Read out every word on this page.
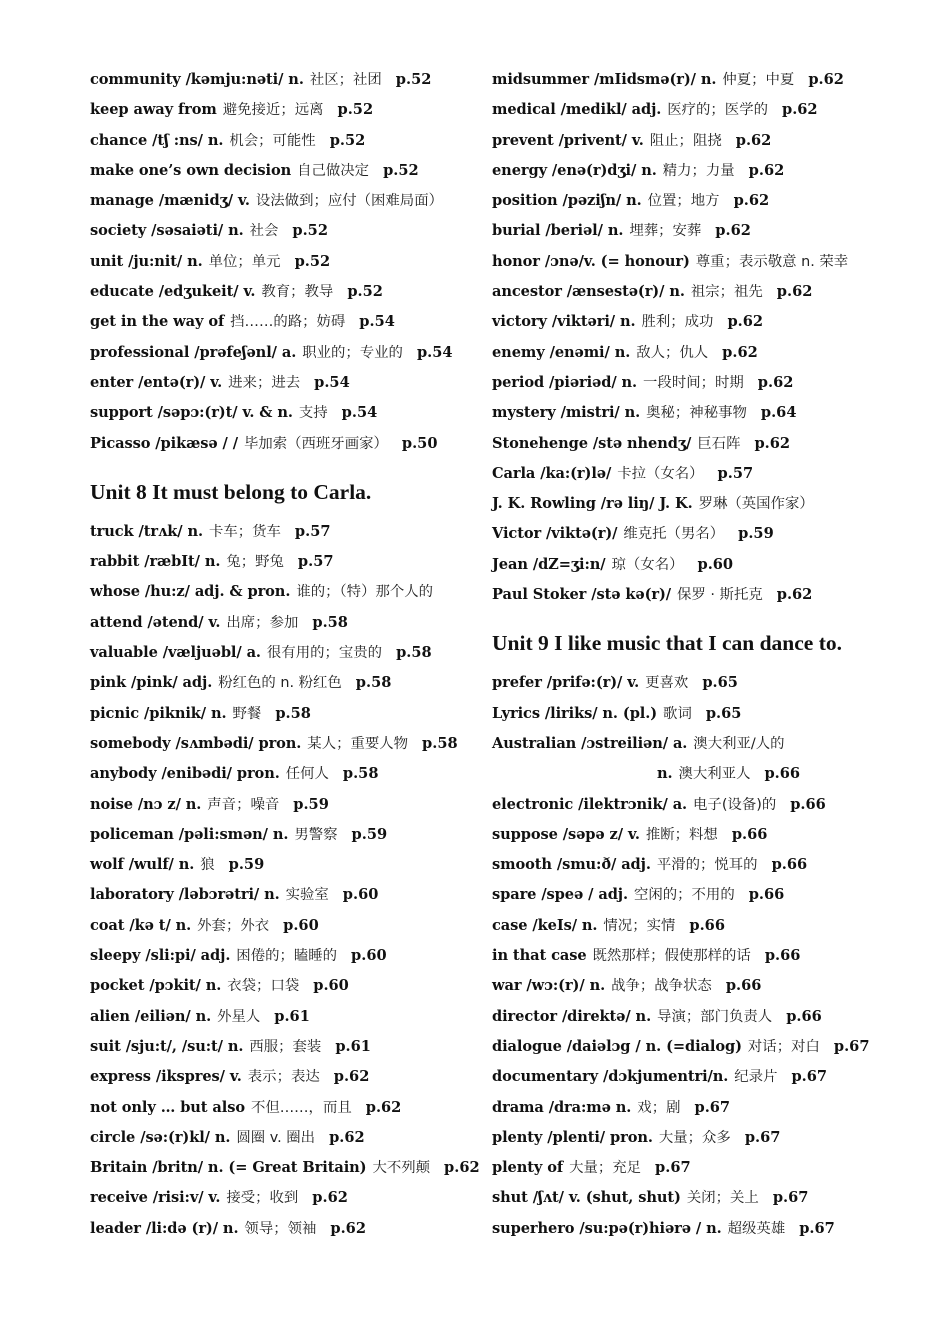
community /kəmju:nəti/ n. 社区；社团 p.52
keep away from 避免接近；远离 p.52
chance /tʃ :ns/ n. 机会；可能性 p.52
make one’s own decision 自己做决定 p.52
manage /mænidʒ/ v. 设法做到；应付（困难局面）
society /səsaiəti/ n. 社会 p.52
unit /ju:nit/ n. 单位；单元 p.52
educate /edʒukeit/ v. 教育；教导 p.52
get in the way of 挡……的路；妨碍 p.54
professional /prəfeʃənl/ a. 职业的；专业的 p.54
enter /entə(r)/ v. 进来；进去 p.54
support /səpɔ:(r)t/ v. & n. 支持 p.54
Picasso /pikæsə / / 毕加索（西班牙画家） p.50
Unit 8 It must belong to Carla.
truck /trʌk/ n. 卡车；货车 p.57
rabbit /ræbIt/ n. 兔；野兔 p.57
whose /hu:z/ adj. & pron. 谁的；（特）那个人的
attend /ətend/ v. 出席；参加 p.58
valuable /væljuəbl/ a. 很有用的；宝贵的 p.58
pink /pink/ adj. 粉红色的 n. 粉红色 p.58
picnic /piknik/ n. 野餐 p.58
somebody /sʌmbədi/ pron. 某人；重要人物 p.58
anybody /enibədi/ pron. 任何人 p.58
noise /nɔ z/ n. 声音；噪音 p.59
policeman /pəli:smən/ n. 男警察 p.59
wolf /wulf/ n. 狼 p.59
laboratory /ləbɔrətri/ n. 实验室 p.60
coat /kə t/ n. 外套；外衣 p.60
sleepy /sli:pi/ adj. 困倦的；瞌睡的 p.60
pocket /pɔkit/ n. 衣袋；口袋 p.60
alien /eiliən/ n. 外星人 p.61
suit /sju:t/, /su:t/ n. 西服；套装 p.61
express /ikspres/ v. 表示；表达 p.62
not only … but also 不但……，而且 p.62
circle /sə:(r)kl/ n. 圆圈 v. 圈出 p.62
Britain /britn/ n. (= Great Britain) 大不列颠 p.62
receive /risi:v/ v. 接受；收到 p.62
leader /li:də (r)/ n. 领导；领袖 p.62
midsummer /mIidsmə(r)/ n. 仲夏；中夏 p.62
medical /medikl/ adj. 医疗的；医学的 p.62
prevent /privent/ v. 阻止；阻挠 p.62
energy /enə(r)dʒi/ n. 精力；力量 p.62
position /pəziʃn/ n. 位置；地方 p.62
burial /beriəl/ n. 埋葬；安葬 p.62
honor /ɔnə/v. (= honour) 尊重；表示敬意 n. 荣幸
ancestor /ænsestə(r)/ n. 祖宗；祖先 p.62
victory /viktəri/ n. 胜利；成功 p.62
enemy /enəmi/ n. 敌人；仇人 p.62
period /piəriəd/ n. 一段时间；时期 p.62
mystery /mistri/ n. 奥秘；神秘事物 p.64
Stonehenge /stə nhendʒ/ 巨石阵 p.62
Carla /ka:(r)lə/ 卡拉（女名） p.57
J. K. Rowling /rə liŋ/ J. K. 罗琳（英国作家）
Victor /viktə(r)/ 维克托（男名） p.59
Jean /dZ=ʒi:n/ 琼（女名） p.60
Paul Stoker /stə kə(r)/ 保罗 · 斯托克 p.62
Unit 9 I like music that I can dance to.
prefer /prifə:(r)/ v. 更喜欢 p.65
Lyrics /liriks/ n. (pl.) 歌词 p.65
Australian /ɔstreiliən/ a. 澳大利亚/人的
n. 澳大利亚人 p.66
electronic /ilektrɔnik/ a. 电子(设备)的 p.66
suppose /səpə z/ v. 推断；料想 p.66
smooth /smu:ð/ adj. 平滑的；悦耳的 p.66
spare /speə / adj. 空闲的；不用的 p.66
case /keIs/ n. 情况；实情 p.66
in that case 既然那样；假使那样的话 p.66
war /wɔ:(r)/ n. 战争；战争状态 p.66
director /direktə/ n. 导演；部门负责人 p.66
dialogue /daiəlɔg / n. (=dialog) 对话；对白 p.67
documentary /dɔkjumentri/n. 纪录片 p.67
drama /dra:mə n. 戏；剧 p.67
plenty /plenti/ pron. 大量；众多 p.67
plenty of 大量；充足 p.67
shut /ʃʌt/ v. (shut, shut) 关闭；关上 p.67
superhero /su:pə(r)hiərə / n. 超级英雄 p.67
